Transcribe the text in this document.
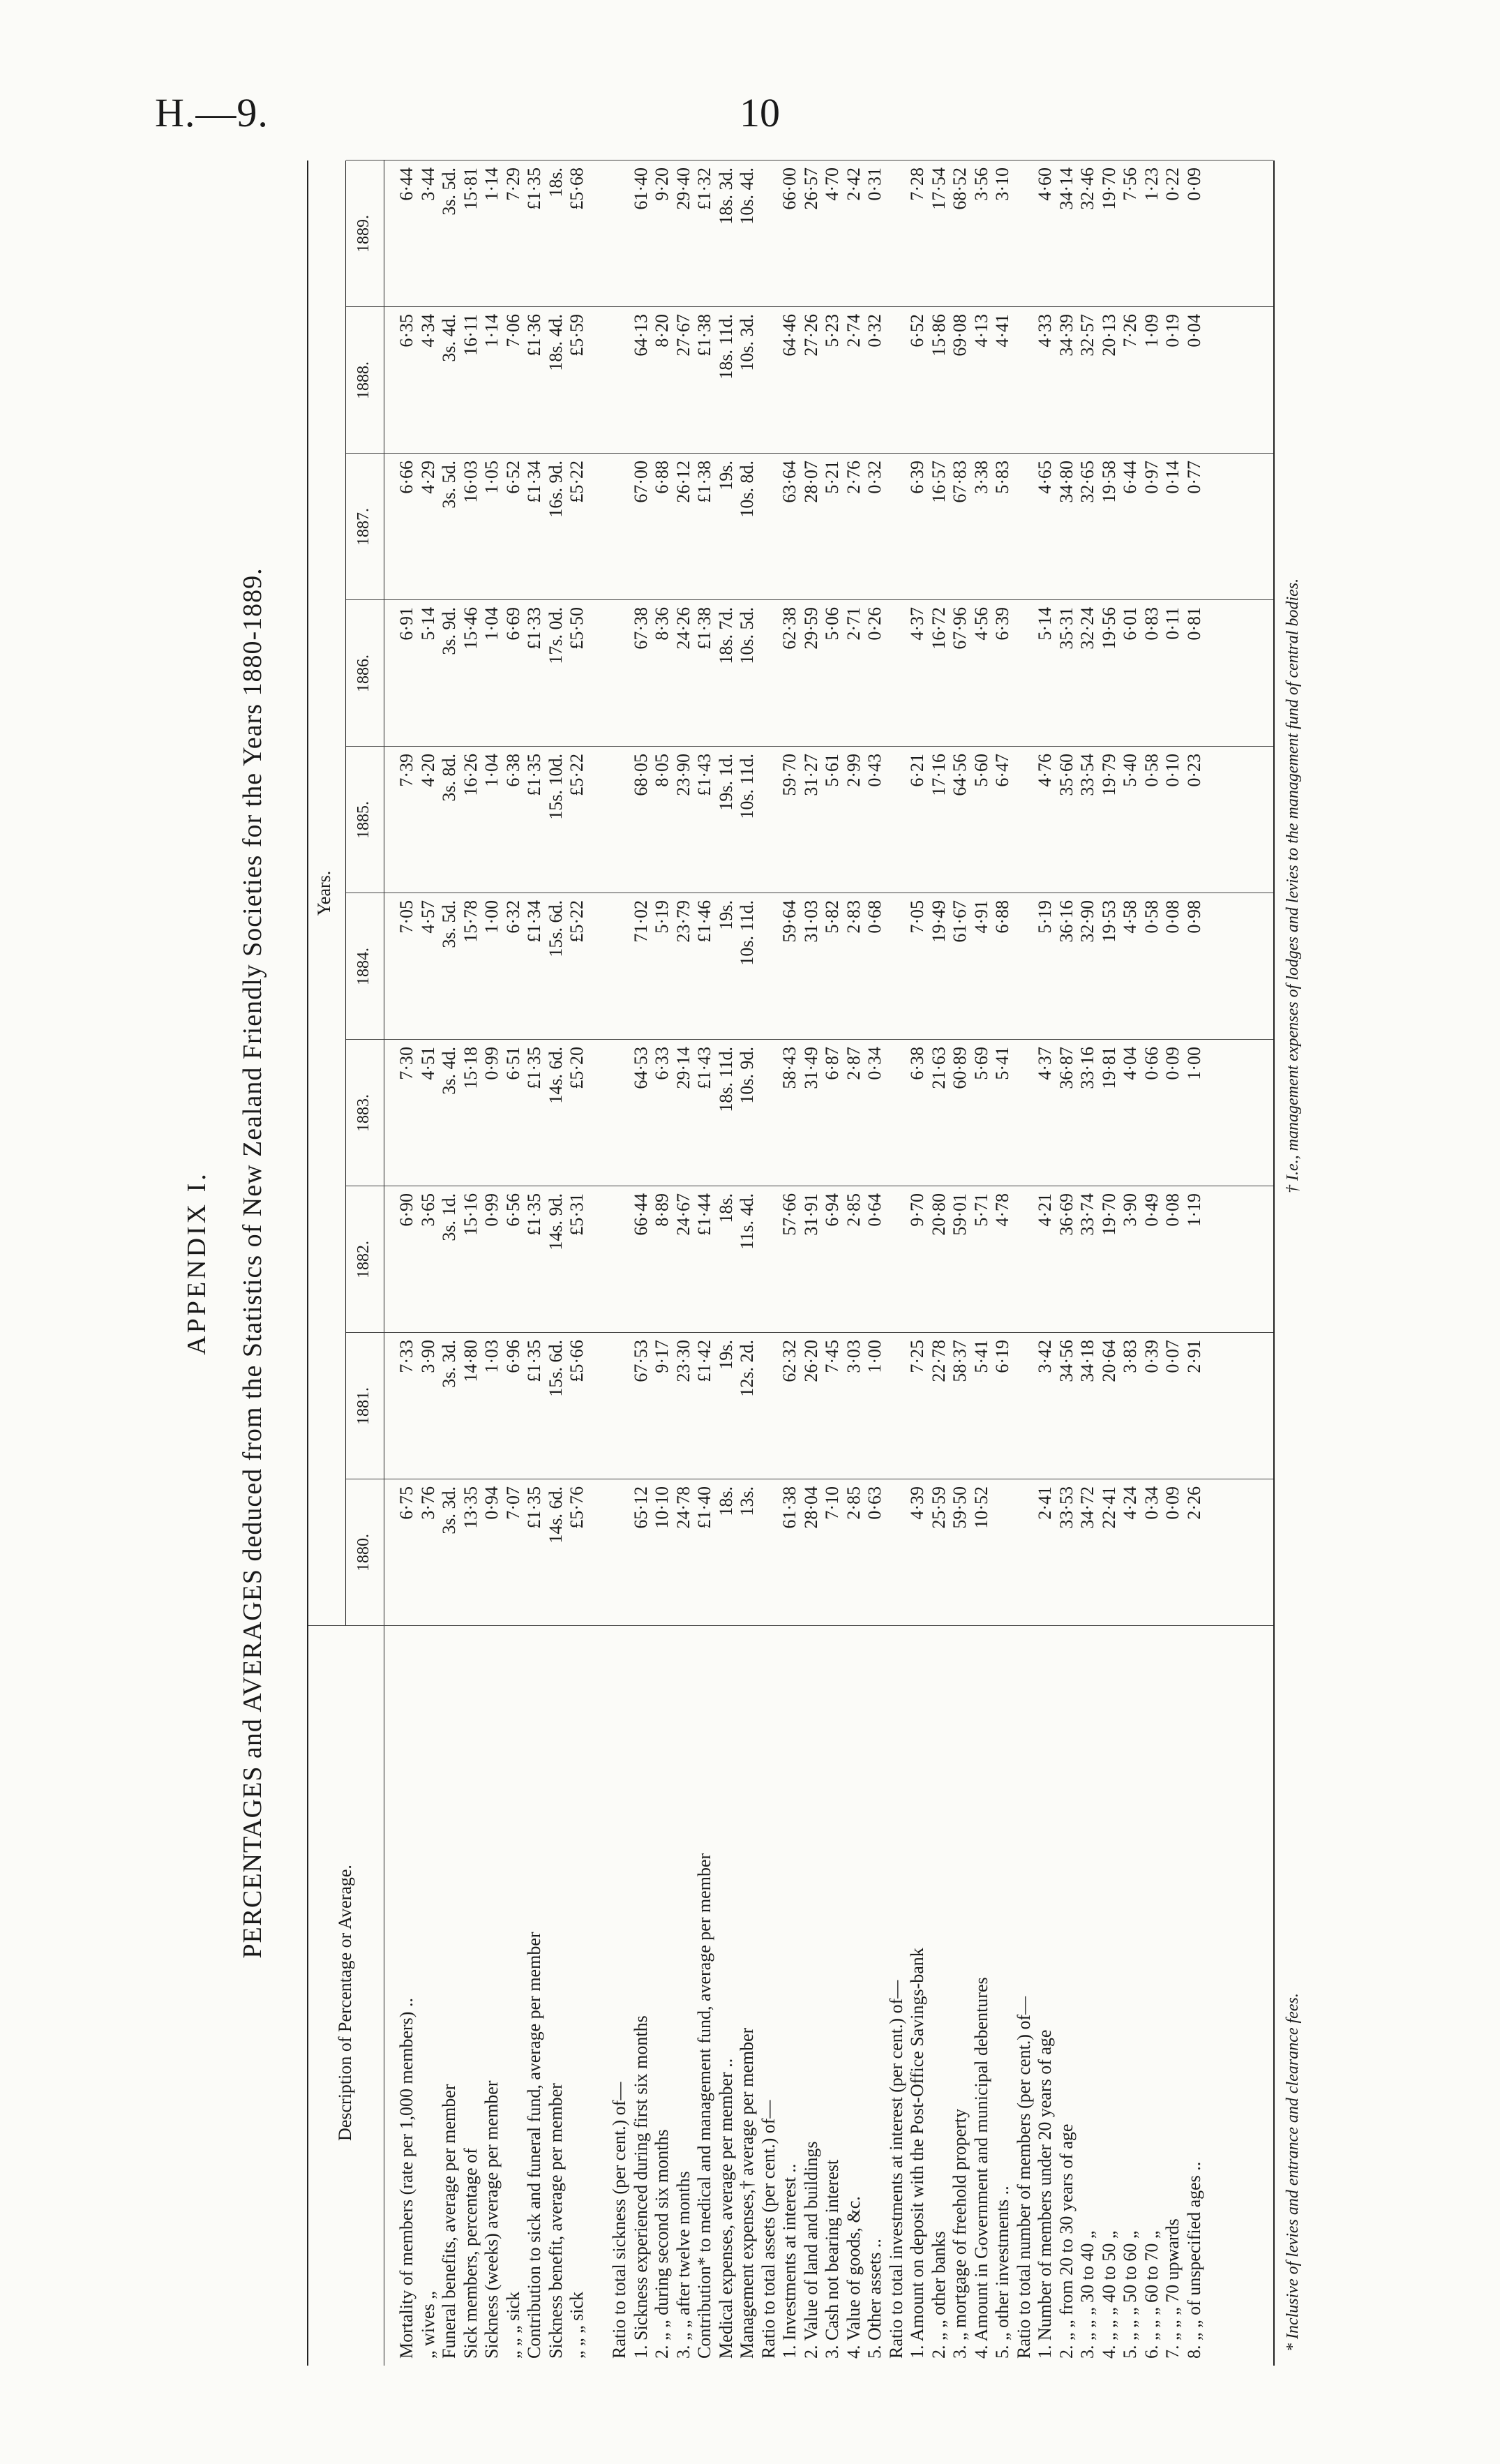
H.—9.	10
APPENDIX I. PERCENTAGES and AVERAGES deduced from the Statistics of New Zealand Friendly Societies for the Years 1880-1889.
Description of Percentage or Average.
Years.
1880.
1881.
1882.
1883.
1884.
1885.
1886.
1887.
1888.
1889.
Mortality of members (rate per 1,000 members) ..
6·75
7·33
6·90
7·30
7·05
7·39
6·91
6·66
6·35
6·44
„ wives „
3·76
3·90
3·65
4·51
4·57
4·20
5·14
4·29
4·34
3·44
Funeral benefits, average per member
3s. 3d.
3s. 3d.
3s. 1d.
3s. 4d.
3s. 5d.
3s. 8d.
3s. 9d.
3s. 5d.
3s. 4d.
3s. 5d.
Sick members, percentage of
13·35
14·80
15·16
15·18
15·78
16·26
15·46
16·03
16·11
15·81
Sickness (weeks) average per member
0·94
1·03
0·99
0·99
1·00
1·04
1·04
1·05
1·14
1·14
„ „ „ sick
7·07
6·96
6·56
6·51
6·32
6·38
6·69
6·52
7·06
7·29
Contribution to sick and funeral fund, average per member
£1·35
£1·35
£1·35
£1·35
£1·34
£1·35
£1·33
£1·34
£1·36
£1·35
Sickness benefit, average per member
14s. 6d.
15s. 6d.
14s. 9d.
14s. 6d.
15s. 6d.
15s. 10d.
17s. 0d.
16s. 9d.
18s. 4d.
18s.
„ „ „ sick
£5·76
£5·66
£5·31
£5·20
£5·22
£5·22
£5·50
£5·22
£5·59
£5·68
Ratio to total sickness (per cent.) of— 1. Sickness experienced during first six months
65·12
67·53
66·44
64·53
71·02
68·05
67·38
67·00
64·13
61·40
2. „ „ during second six months
10·10
9·17
8·89
6·33
5·19
8·05
8·36
6·88
8·20
9·20
3. „ „ after twelve months
24·78
23·30
24·67
29·14
23·79
23·90
24·26
26·12
27·67
29·40
Contribution* to medical and management fund, average per member
£1·40
£1·42
£1·44
£1·43
£1·46
£1·43
£1·38
£1·38
£1·38
£1·32
Medical expenses, average per member ..
18s.
19s.
18s.
18s. 11d.
19s.
19s. 1d.
18s. 7d.
19s.
18s. 11d.
18s. 3d.
Management expenses,† average per member
13s.
12s. 2d.
11s. 4d.
10s. 9d.
10s. 11d.
10s. 11d.
10s. 5d.
10s. 8d.
10s. 3d.
10s. 4d.
Ratio to total assets (per cent.) of— 1. Investments at interest ..
61·38
62·32
57·66
58·43
59·64
59·70
62·38
63·64
64·46
66·00
2. Value of land and buildings
28·04
26·20
31·91
31·49
31·03
31·27
29·59
28·07
27·26
26·57
3. Cash not bearing interest
7·10
7·45
6·94
6·87
5·82
5·61
5·06
5·21
5·23
4·70
4. Value of goods, &c.
2·85
3·03
2·85
2·87
2·83
2·99
2·71
2·76
2·74
2·42
5. Other assets ..
0·63
1·00
0·64
0·34
0·68
0·43
0·26
0·32
0·32
0·31
Ratio to total investments at interest (per cent.) of— 1. Amount on deposit with the Post-Office Savings-bank
4·39
7·25
9·70
6·38
7·05
6·21
4·37
6·39
6·52
7·28
2. „ „ other banks
25·59
22·78
20·80
21·63
19·49
17·16
16·72
16·57
15·86
17·54
3. „ mortgage of freehold property
59·50
58·37
59·01
60·89
61·67
64·56
67·96
67·83
69·08
68·52
4. Amount in Government and municipal debentures
10·52
5·41
5·71
5·69
4·91
5·60
4·56
3·38
4·13
3·56
5. „ other investments ..
6·19
4·78
5·41
6·88
6·47
6·39
5·83
4·41
3·10
Ratio to total number of members (per cent.) of— 1. Number of members under 20 years of age
2·41
3·42
4·21
4·37
5·19
4·76
5·14
4·65
4·33
4·60
2. „ „ from 20 to 30 years of age
33·53
34·56
36·69
36·87
36·16
35·60
35·31
34·80
34·39
34·14
3. „ „ „ 30 to 40 „
34·72
34·18
33·74
33·16
32·90
33·54
32·24
32·65
32·57
32·46
4. „ „ „ 40 to 50 „
22·41
20·64
19·70
19·81
19·53
19·79
19·56
19·58
20·13
19·70
5. „ „ „ 50 to 60 „
4·24
3·83
3·90
4·04
4·58
5·40
6·01
6·44
7·26
7·56
6. „ „ „ 60 to 70 „
0·34
0·39
0·49
0·66
0·58
0·58
0·83
0·97
1·09
1·23
7. „ „ „ 70 upwards
0·09
0·07
0·08
0·09
0·08
0·10
0·11
0·14
0·19
0·22
8. „ „ of unspecified ages ..
2·26
2·91
1·19
1·00
0·98
0·23
0·81
0·77
0·04
0·09
* Inclusive of levies and entrance and clearance fees.
† I.e., management expenses of lodges and levies to the management fund of central bodies.
